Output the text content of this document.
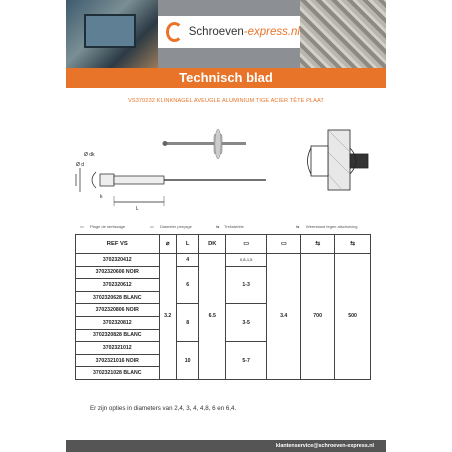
Schroeven-express.nl
Technisch blad
VS370232 KLINKNAGEL AVEUGLE ALUMINIUM TIGE ACIER TÊTE PLAAT
Ø d
Ø dk
L
k
▭ Plage de sertissage	▭ Diameter perçage	⇆ Treksterkte	⇆ Weerstand tegen afschuiving
REF VS	⌀	L	DK	▭	▭	⇆	⇆
3702320412	3.2	4	6.5	0,8-1,5	3.4	700	500
3702320606 NOIR		6		1-3			
3702320612							
3702320628 BLANC							
3702320806 NOIR		8		3-5			
3702320812							
3702320828 BLANC							
3702321012		10		5-7			
3702321016 NOIR							
3702321028 BLANC							
Er zijn opties in diameters van 2,4, 3, 4, 4,8, 6 en 6,4.
klantenservice@schroeven-express.nl
